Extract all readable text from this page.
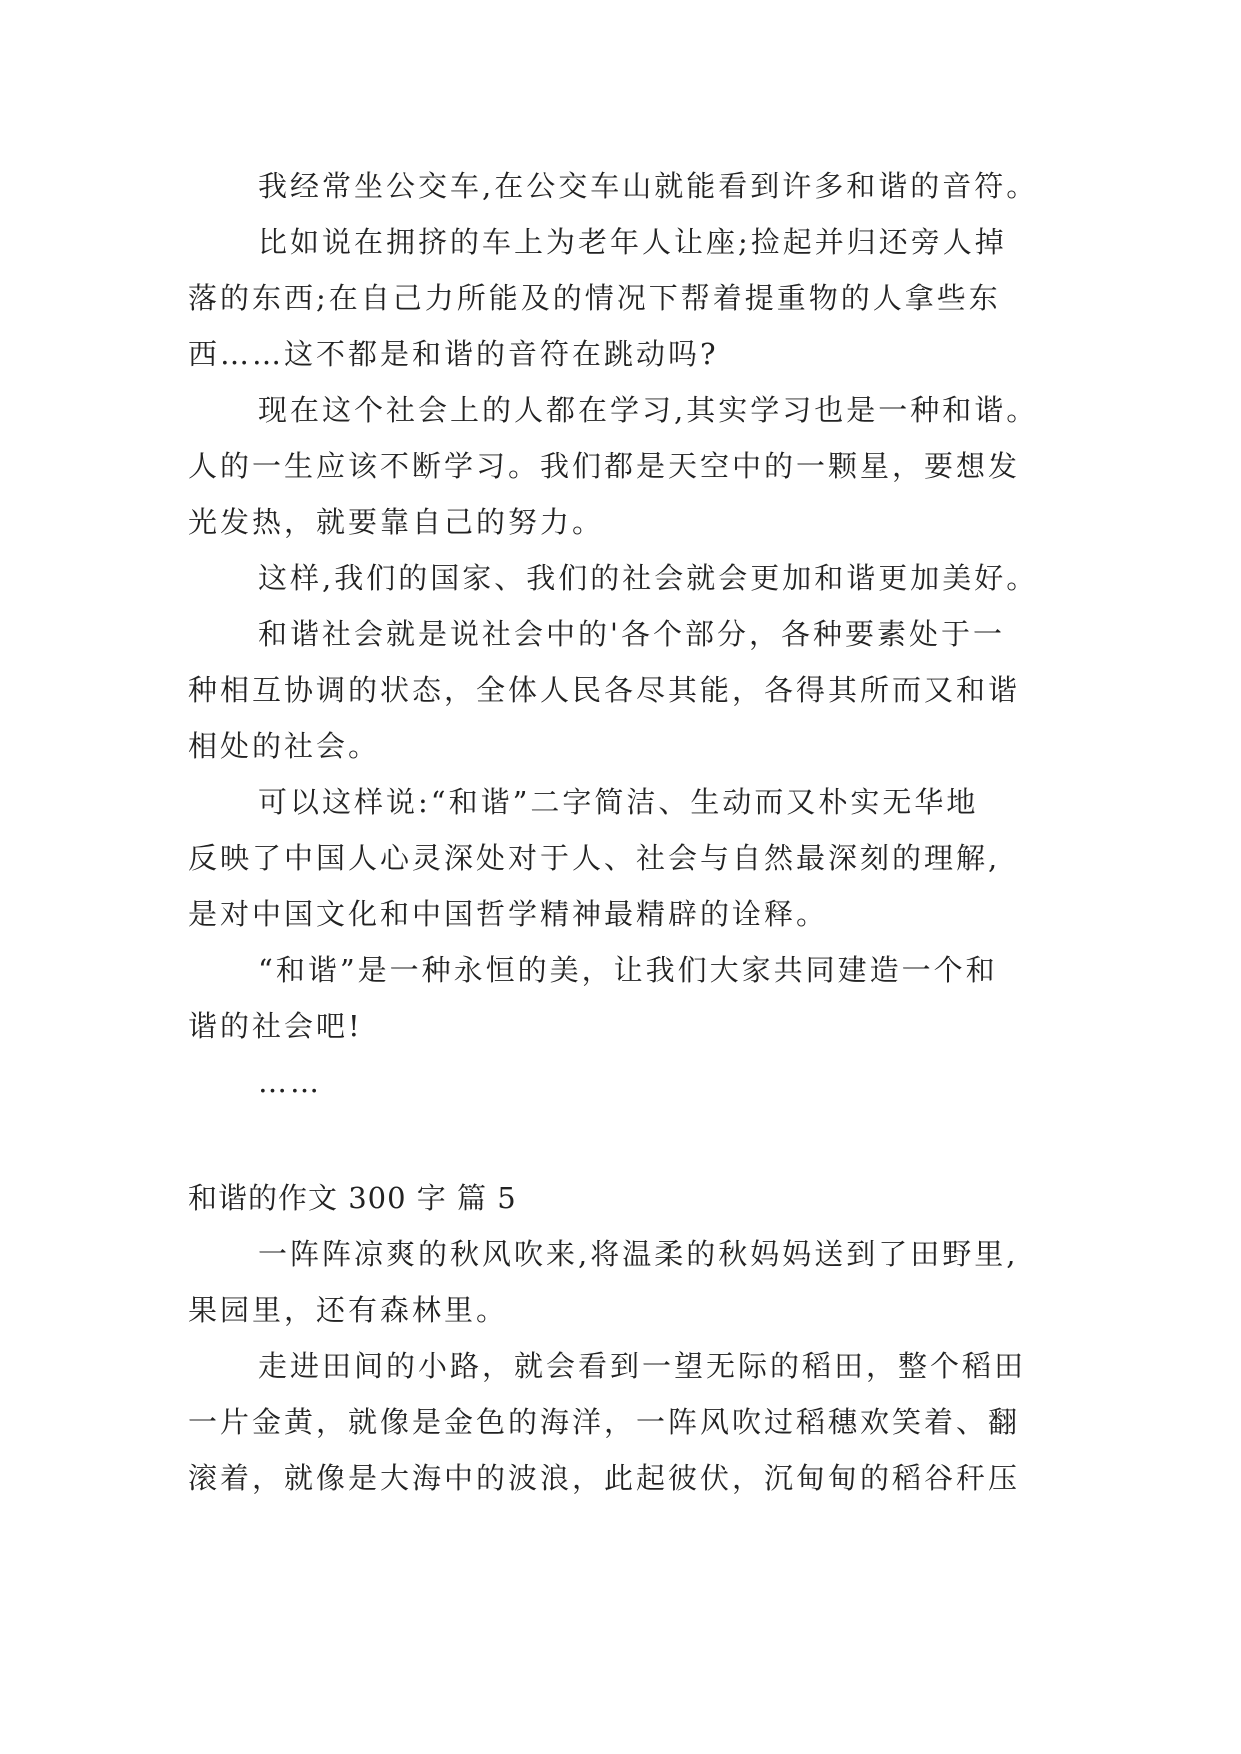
我经常坐公交车,在公交车山就能看到许多和谐的音符。
比如说在拥挤的车上为老年人让座;捡起并归还旁人掉
落的东西;在自己力所能及的情况下帮着提重物的人拿些东
西……这不都是和谐的音符在跳动吗?
现在这个社会上的人都在学习,其实学习也是一种和谐。
人的一生应该不断学习。我们都是天空中的一颗星，要想发
光发热，就要靠自己的努力。
这样,我们的国家、我们的社会就会更加和谐更加美好。
和谐社会就是说社会中的'各个部分，各种要素处于一
种相互协调的状态，全体人民各尽其能，各得其所而又和谐
相处的社会。
可以这样说:“和谐”二字简洁、生动而又朴实无华地
反映了中国人心灵深处对于人、社会与自然最深刻的理解,
是对中国文化和中国哲学精神最精辟的诠释。
“和谐”是一种永恒的美，让我们大家共同建造一个和
谐的社会吧!
……
和谐的作文 300 字 篇 5
一阵阵凉爽的秋风吹来,将温柔的秋妈妈送到了田野里,
果园里，还有森林里。
走进田间的小路，就会看到一望无际的稻田，整个稻田
一片金黄，就像是金色的海洋，一阵风吹过稻穗欢笑着、翻
滚着，就像是大海中的波浪，此起彼伏，沉甸甸的稻谷秆压
